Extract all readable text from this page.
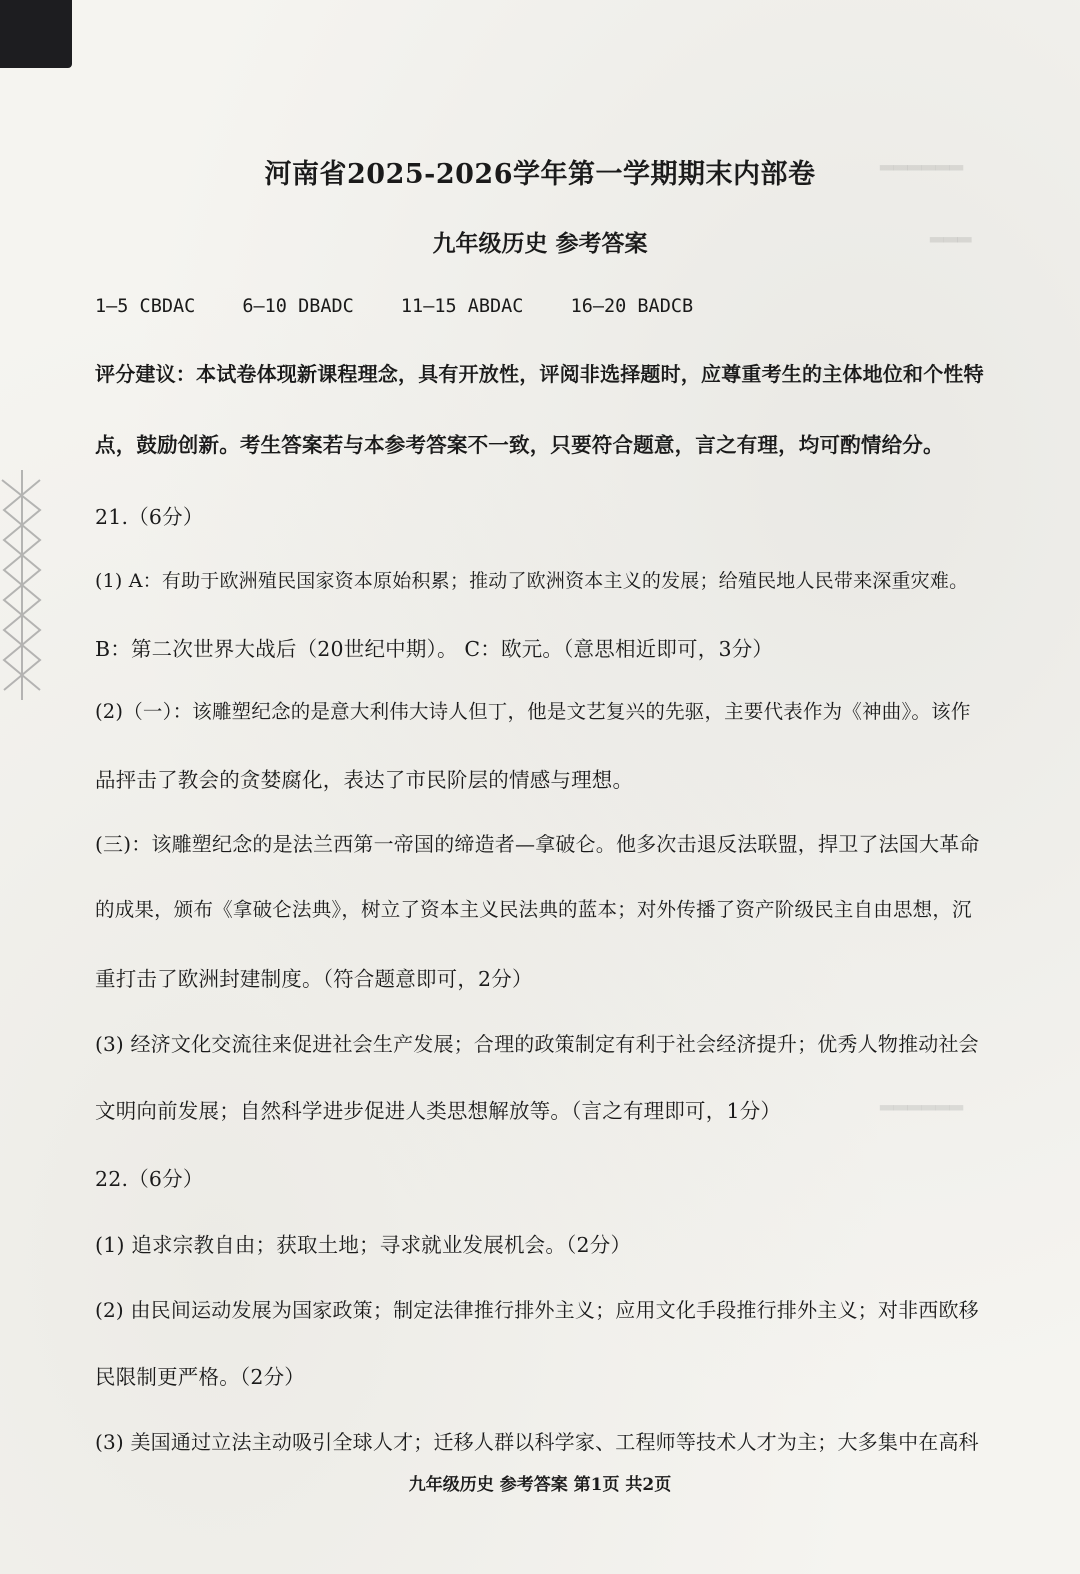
▂▂▂▂▂▂
▂▂▂
▂▂▂▂▂▂
河南省2025-2026学年第一学期期末内部卷
九年级历史 参考答案
1—5 CBDAC	6—10 DBADC	11—15 ABDAC	16—20 BADCB
评分建议：本试卷体现新课程理念，具有开放性，评阅非选择题时，应尊重考生的主体地位和个性特
点，鼓励创新。考生答案若与本参考答案不一致，只要符合题意，言之有理，均可酌情给分。
21.（6分）
(1) A：有助于欧洲殖民国家资本原始积累；推动了欧洲资本主义的发展；给殖民地人民带来深重灾难。
B：第二次世界大战后（20世纪中期）。 C：欧元。（意思相近即可，3分）
(2)（一）：该雕塑纪念的是意大利伟大诗人但丁，他是文艺复兴的先驱，主要代表作为《神曲》。该作
品抨击了教会的贪婪腐化，表达了市民阶层的情感与理想。
(三)：该雕塑纪念的是法兰西第一帝国的缔造者—拿破仑。他多次击退反法联盟，捍卫了法国大革命
的成果，颁布《拿破仑法典》，树立了资本主义民法典的蓝本；对外传播了资产阶级民主自由思想，沉
重打击了欧洲封建制度。（符合题意即可，2分）
(3) 经济文化交流往来促进社会生产发展；合理的政策制定有利于社会经济提升；优秀人物推动社会
文明向前发展；自然科学进步促进人类思想解放等。（言之有理即可，1分）
22.（6分）
(1) 追求宗教自由；获取土地；寻求就业发展机会。（2分）
(2) 由民间运动发展为国家政策；制定法律推行排外主义；应用文化手段推行排外主义；对非西欧移
民限制更严格。（2分）
(3) 美国通过立法主动吸引全球人才；迁移人群以科学家、工程师等技术人才为主；大多集中在高科
九年级历史 参考答案 第1页 共2页
